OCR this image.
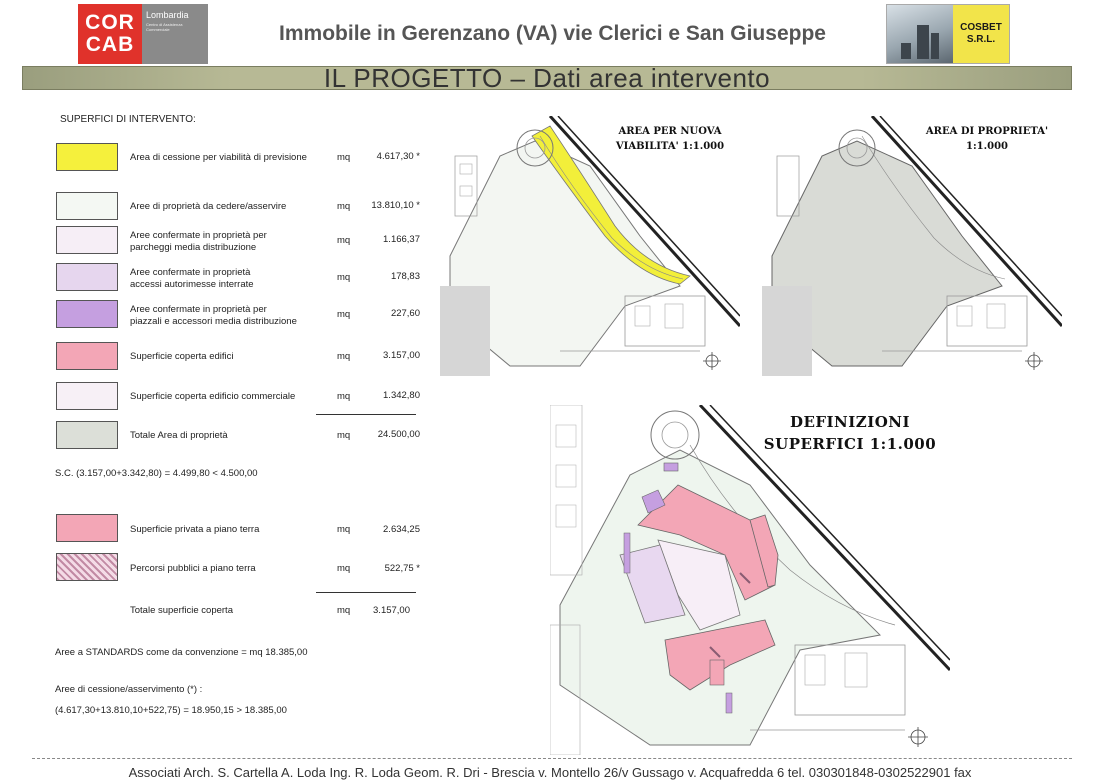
COR
CAB
Lombardia
Centro di Assistenza Commerciale	Immobile in Gerenzano (VA) vie Clerici e San Giuseppe	COSBET
S.R.L.
IL PROGETTO – Dati area intervento
SUPERFICI DI INTERVENTO:
Area di cessione per viabilità di previsione	mq	4.617,30 *
Aree di proprietà da cedere/asservire	mq 13.810,10 *
Aree confermate in proprietà per
parcheggi media distribuzione
mq	1.166,37
Aree confermate in proprietà
accessi autorimesse interrate
mq	178,83
Aree confermate in proprietà per
piazzali e accessori media distribuzione
mq	227,60
Superficie coperta edifici	mq	3.157,00
Superficie coperta edificio commerciale	mq	1.342,80
Totale Area di proprietà	mq	24.500,00
S.C. (3.157,00+3.342,80) = 4.499,80 < 4.500,00
Superficie privata a piano terra	mq	2.634,25
Percorsi pubblici a piano terra	mq	522,75 *
Totale superficie coperta	mq 3.157,00
Aree a STANDARDS come da convenzione = mq 18.385,00
Aree di cessione/asservimento (*) :
(4.617,30+13.810,10+522,75) = 18.950,15 > 18.385,00
AREA PER NUOVA
VIABILITA' 1:1.000
AREA DI PROPRIETA'
1:1.000
DEFINIZIONI
SUPERFICI 1:1.000
Associati Arch. S. Cartella A. Loda Ing. R. Loda Geom. R. Dri - Brescia v. Montello 26/v Gussago v. Acquafredda 6 tel. 030301848-0302522901 fax
